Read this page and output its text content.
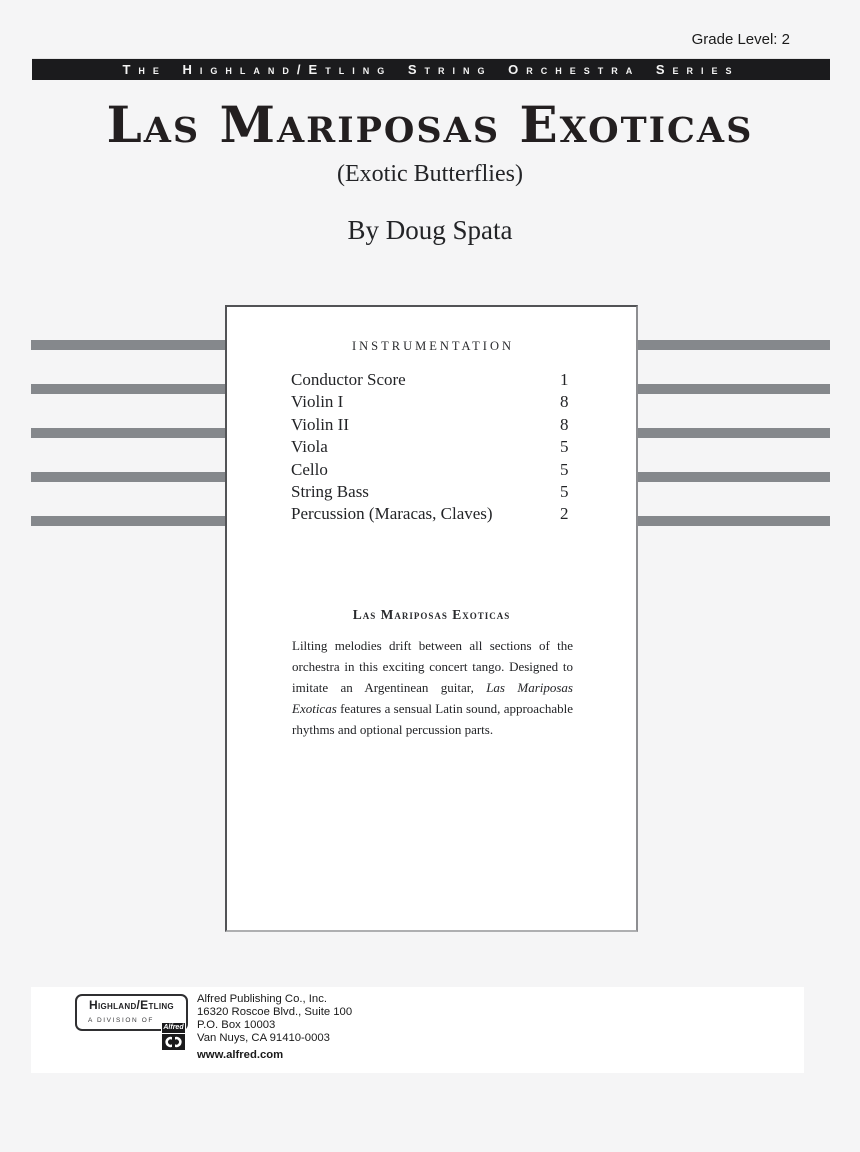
Grade Level: 2
The Highland/Etling String Orchestra Series
Las Mariposas Exoticas
(Exotic Butterflies)
By Doug Spata
INSTRUMENTATION
Conductor Score	1
Violin I	8
Violin II	8
Viola	5
Cello	5
String Bass	5
Percussion (Maracas, Claves)	2
Las Mariposas Exoticas
Lilting melodies drift between all sections of the orchestra in this exciting concert tango. Designed to imitate an Argentinean guitar, Las Mariposas Exoticas features a sensual Latin sound, approachable rhythms and optional percussion parts.
Highland/Etling
A DIVISION OF
Alfred
Alfred Publishing Co., Inc.
16320 Roscoe Blvd., Suite 100
P.O. Box 10003
Van Nuys, CA 91410-0003
www.alfred.com
